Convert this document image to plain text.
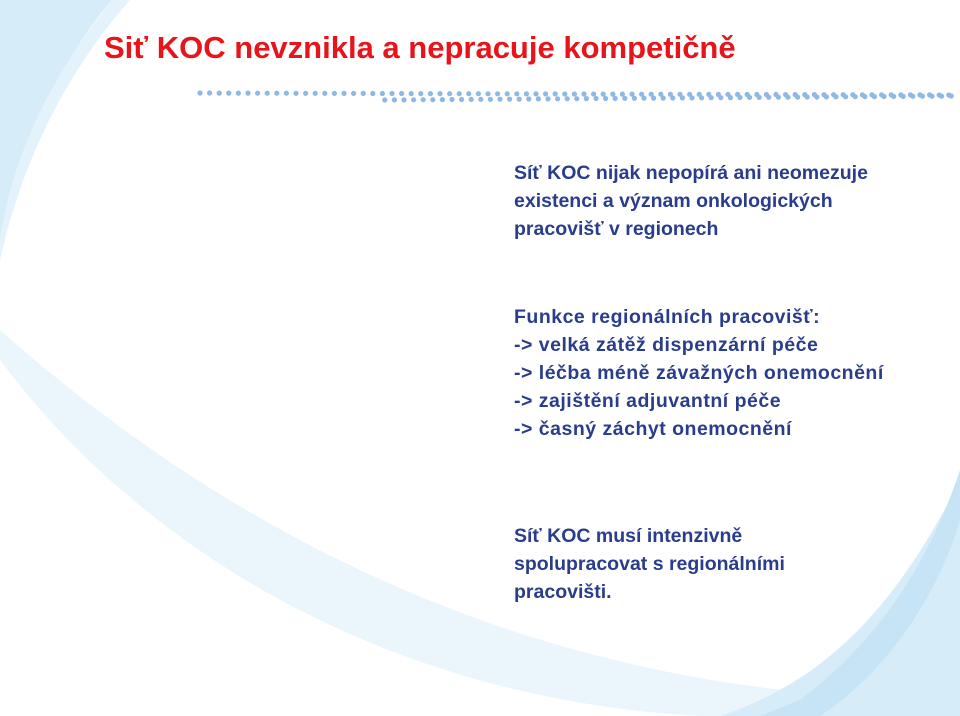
Siť KOC nevznikla a nepracuje kompetičně

Síť KOC nijak nepopírá ani neomezuje
existenci a význam onkologických
pracovišť v regionech

Funkce regionálních pracovišť:
-> velká zátěž dispenzární péče
-> léčba méně závažných onemocnění
-> zajištění adjuvantní péče
-> časný záchyt onemocnění

Síť KOC musí intenzivně
spolupracovat s regionálními
pracovišti.
